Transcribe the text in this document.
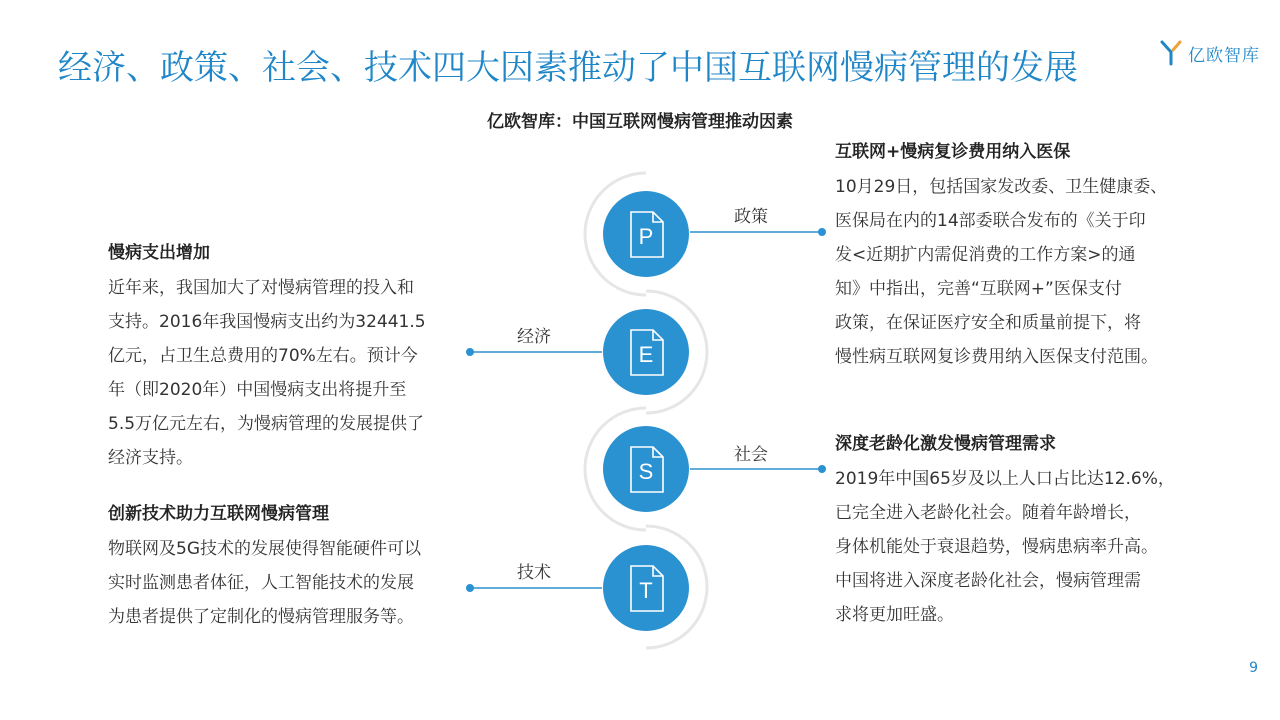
经济、政策、社会、技术四大因素推动了中国互联网慢病管理的发展	亿欧智库
亿欧智库：中国互联网慢病管理推动因素
P
E
S
T
政策
经济
社会
技术
慢病支出增加
近年来，我国加大了对慢病管理的投入和
支持。2016年我国慢病支出约为32441.5
亿元，占卫生总费用的70%左右。预计今
年（即2020年）中国慢病支出将提升至
5.5万亿元左右，为慢病管理的发展提供了
经济支持。
创新技术助力互联网慢病管理
物联网及5G技术的发展使得智能硬件可以
实时监测患者体征，人工智能技术的发展
为患者提供了定制化的慢病管理服务等。
互联网+慢病复诊费用纳入医保
10月29日，包括国家发改委、卫生健康委、
医保局在内的14部委联合发布的《关于印
发<近期扩内需促消费的工作方案>的通
知》中指出，完善“互联网+”医保支付
政策，在保证医疗安全和质量前提下，将
慢性病互联网复诊费用纳入医保支付范围。
深度老龄化激发慢病管理需求
2019年中国65岁及以上人口占比达12.6%，
已完全进入老龄化社会。随着年龄增长，
身体机能处于衰退趋势，慢病患病率升高。
中国将进入深度老龄化社会，慢病管理需
求将更加旺盛。
9
